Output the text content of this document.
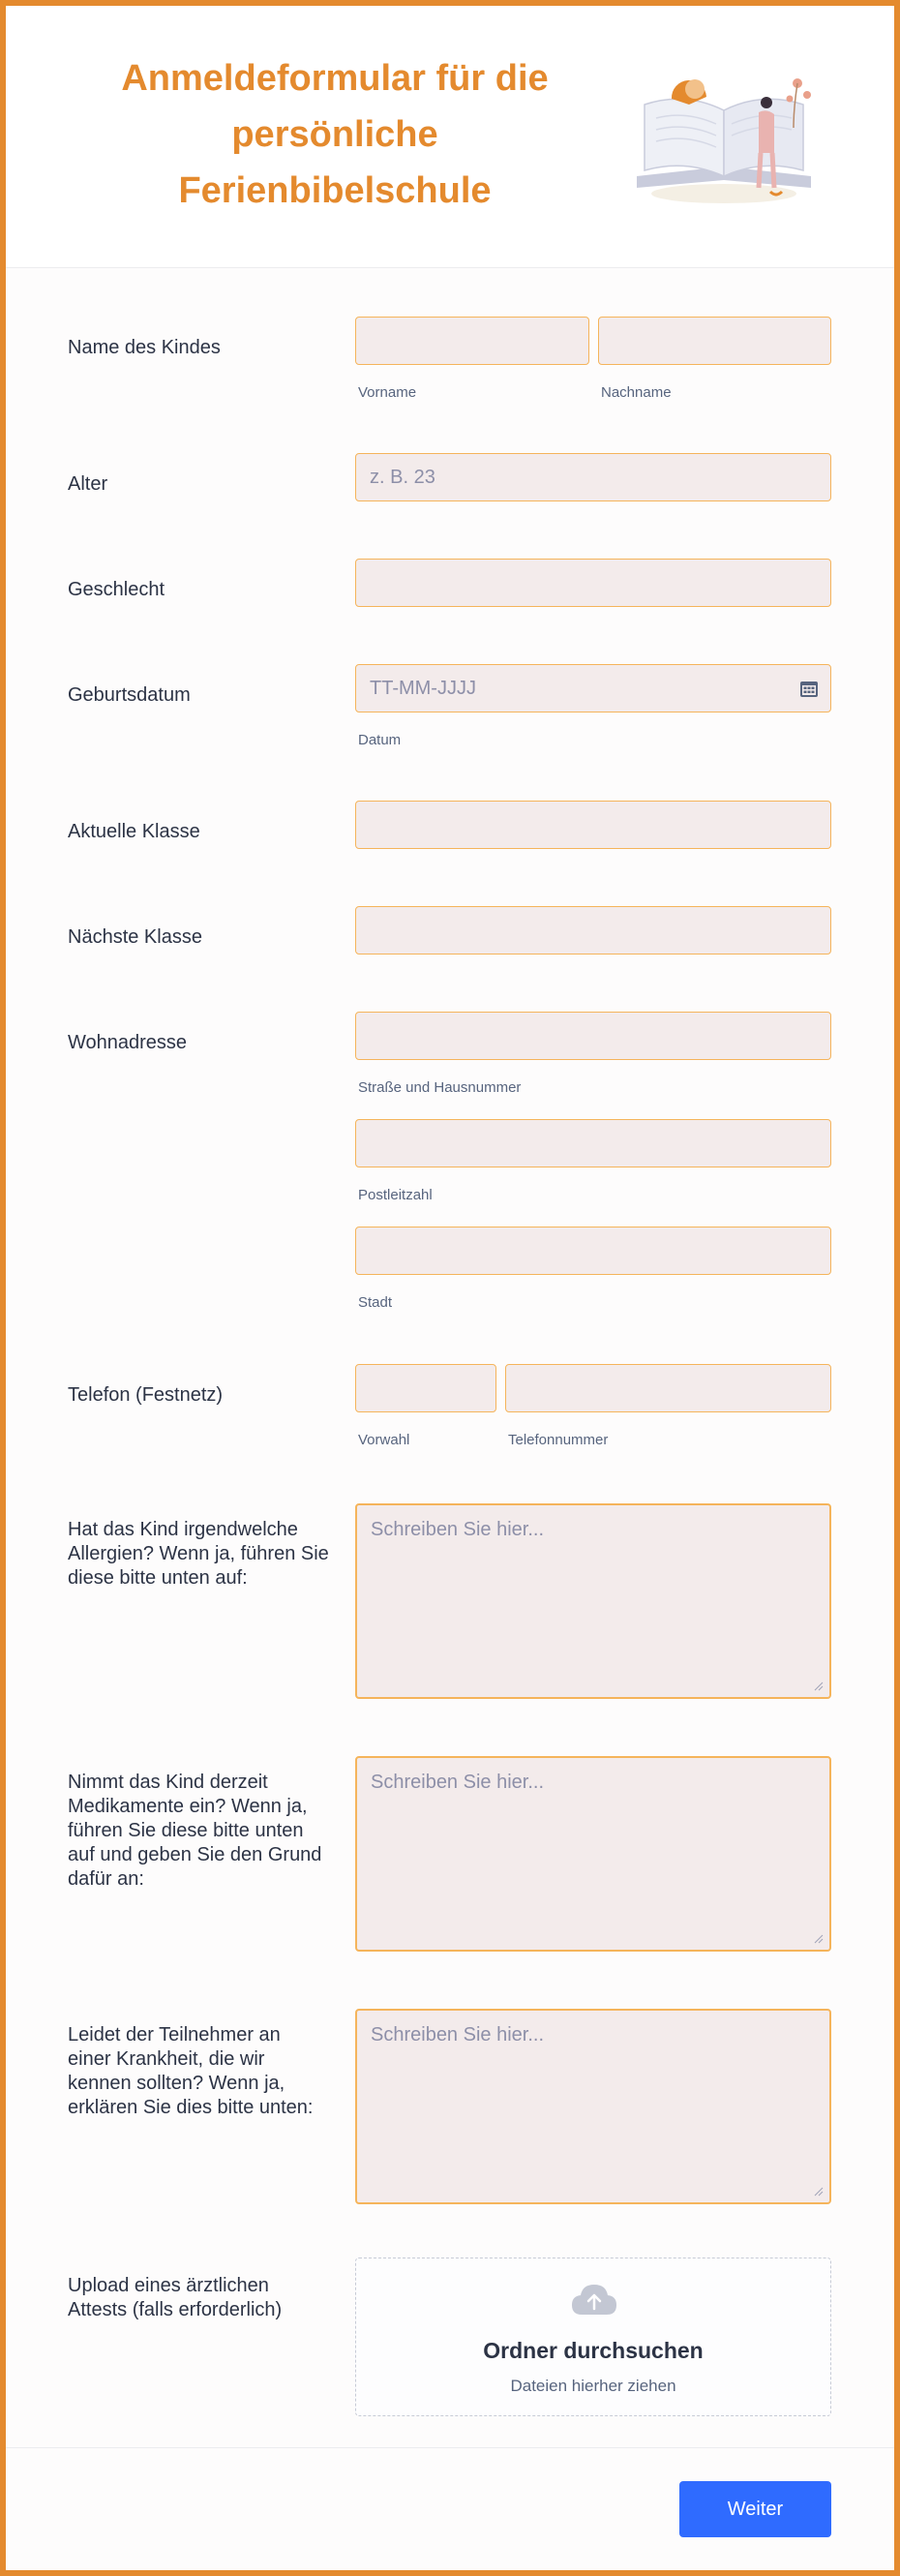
Anmeldeformular für die
persönliche
Ferienbibelschule
Name des Kindes
Vorname	Nachname
Alter
z. B. 23
Geschlecht
Geburtsdatum
TT-MM-JJJJ
Datum
Aktuelle Klasse
Nächste Klasse
Wohnadresse
Straße und Hausnummer
Postleitzahl
Stadt
Telefon (Festnetz)
Vorwahl	Telefonnummer
Hat das Kind irgendwelche
Allergien? Wenn ja, führen Sie
diese bitte unten auf:
Schreiben Sie hier...
Nimmt das Kind derzeit
Medikamente ein? Wenn ja,
führen Sie diese bitte unten
auf und geben Sie den Grund
dafür an:
Schreiben Sie hier...
Leidet der Teilnehmer an
einer Krankheit, die wir
kennen sollten? Wenn ja,
erklären Sie dies bitte unten:
Schreiben Sie hier...
Upload eines ärztlichen
Attests (falls erforderlich)
Ordner durchsuchen
Dateien hierher ziehen
Weiter
